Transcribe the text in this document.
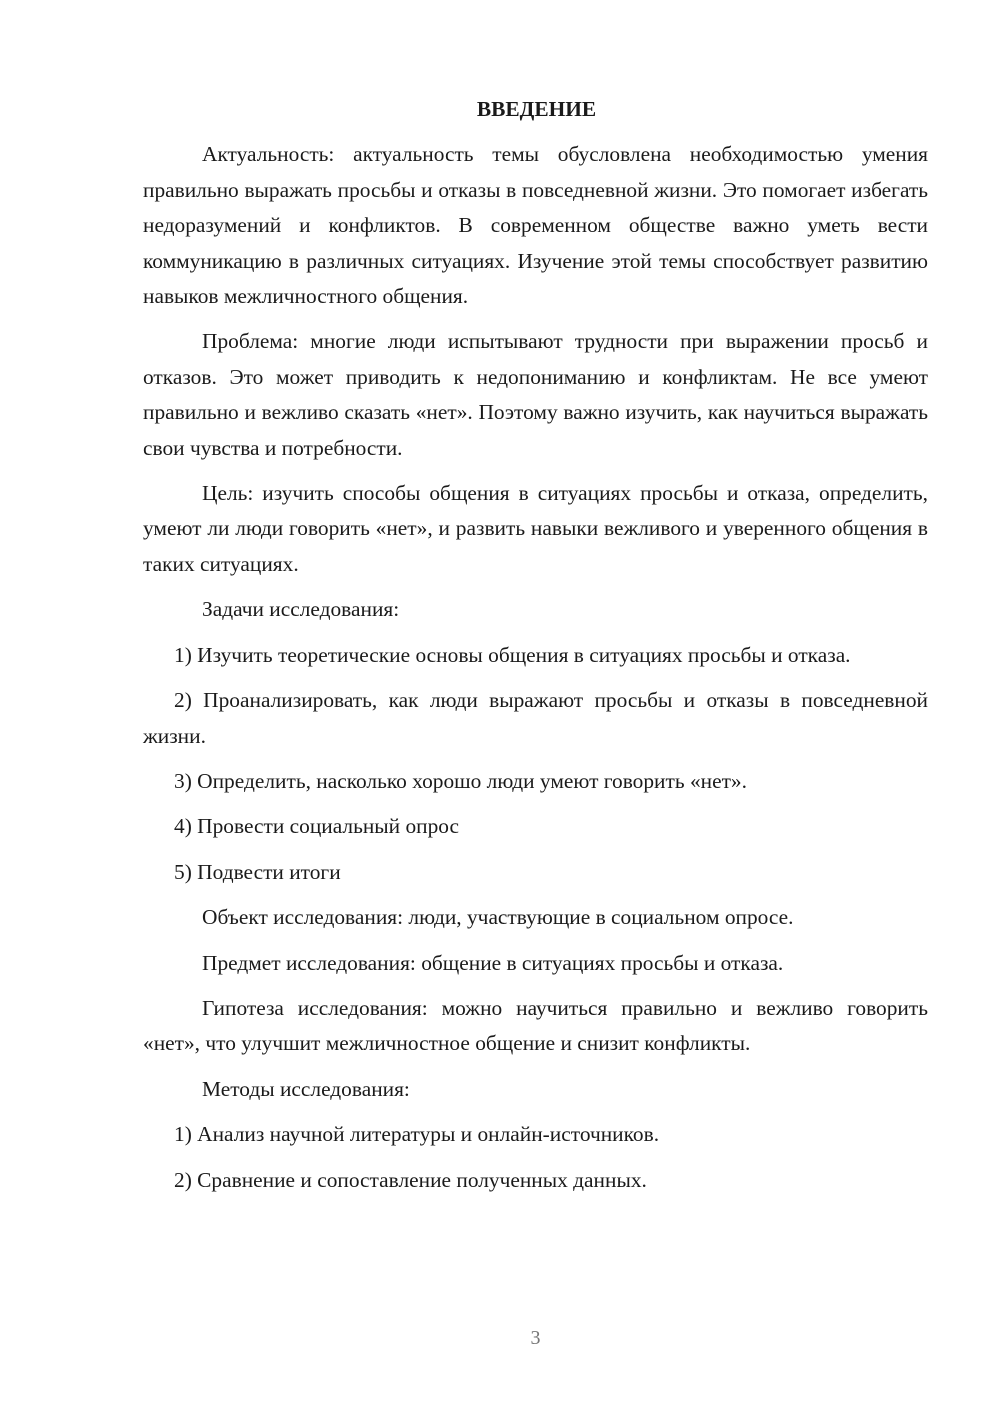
ВВЕДЕНИЕ

Актуальность: актуальность темы обусловлена необходимостью умения правильно выражать просьбы и отказы в повседневной жизни. Это помогает избегать недоразумений и конфликтов. В современном обществе важно уметь вести коммуникацию в различных ситуациях. Изучение этой темы способствует развитию навыков межличностного общения.

Проблема: многие люди испытывают трудности при выражении просьб и отказов. Это может приводить к недопониманию и конфликтам. Не все умеют правильно и вежливо сказать «нет». Поэтому важно изучить, как научиться выражать свои чувства и потребности.

Цель: изучить способы общения в ситуациях просьбы и отказа, определить, умеют ли люди говорить «нет», и развить навыки вежливого и уверенного общения в таких ситуациях.

Задачи исследования:

1) Изучить теоретические основы общения в ситуациях просьбы и отказа.

2) Проанализировать, как люди выражают просьбы и отказы в повседневной жизни.

3) Определить, насколько хорошо люди умеют говорить «нет».

4) Провести социальный опрос

5) Подвести итоги

Объект исследования: люди, участвующие в социальном опросе.

Предмет исследования: общение в ситуациях просьбы и отказа.

Гипотеза исследования: можно научиться правильно и вежливо говорить «нет», что улучшит межличностное общение и снизит конфликты.

Методы исследования:

1) Анализ научной литературы и онлайн-источников.

2) Сравнение и сопоставление полученных данных.

3
